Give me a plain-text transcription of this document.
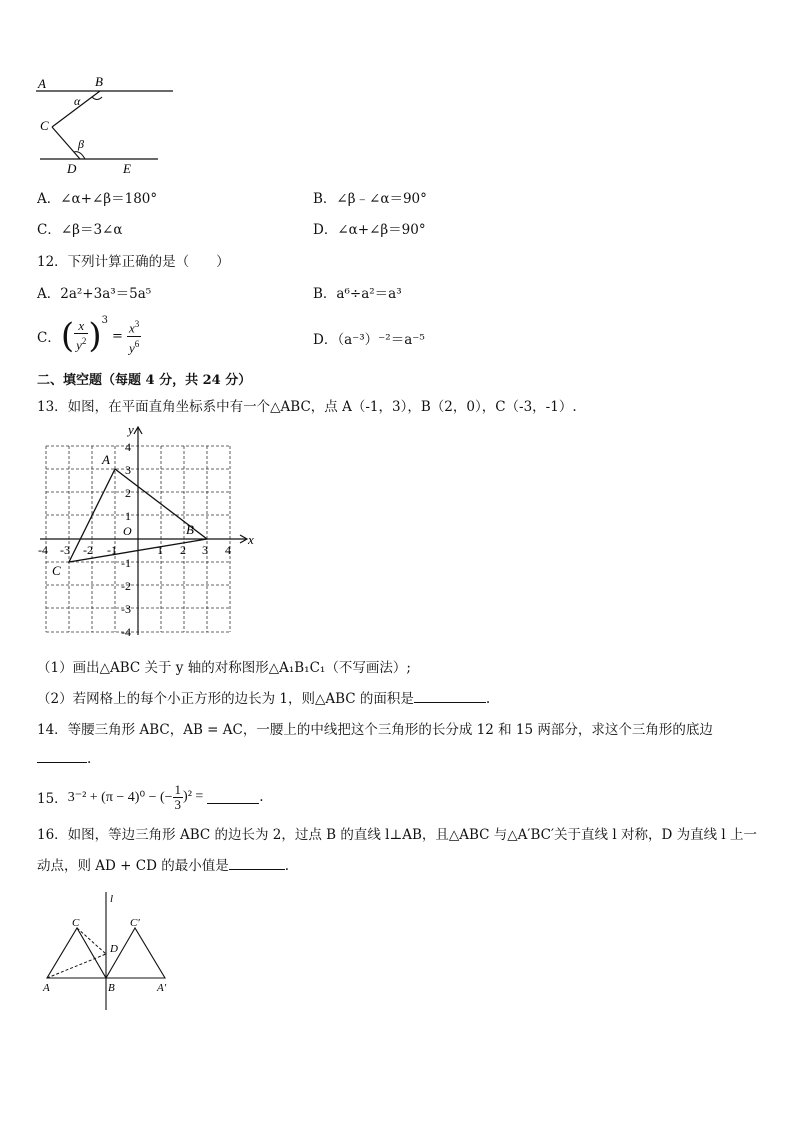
A	B
C
D	E
α
β
A．∠α+∠β＝180°	B．∠β﹣∠α＝90°
C．∠β＝3∠α	D．∠α+∠β＝90°
12．下列计算正确的是（　　）
A．2a²+3a³＝5a⁵	B．a⁶÷a²＝a³
C． ( $\frac{x}{y^2} )^3$
= $\frac{x^3}{y^6}$	D．（a⁻³）⁻²＝a⁻⁵
二、填空题（每题 4 分，共 24 分）
13．如图，在平面直角坐标系中有一个△ABC，点 A（-1，3），B（2，0），C（-3，-1）.
x
y
O
A
B
C
-4 -3 -2 -1	1 2 3 4
4
3
2
1
-1
-2
-3
-4
（1）画出△ABC 关于 y 轴的对称图形△A₁B₁C₁（不写画法）;
（2）若网格上的每个小正方形的边长为 1，则△ABC 的面积是	.
14．等腰三角形 ABC，AB = AC，一腰上的中线把这个三角形的长分成 12 和 15 两部分，求这个三角形的底边
.
15． 3⁻² + (π − 4)⁰ − (− $\frac{1}{3} )^2$ =	.
16．如图，等边三角形 ABC 的边长为 2，过点 B 的直线 l⊥AB，且△ABC 与△A′BC′关于直线 l 对称，D 为直线 l 上一
动点，则 AD + CD 的最小值是	.
l
C	C′
D
A	B	A′
